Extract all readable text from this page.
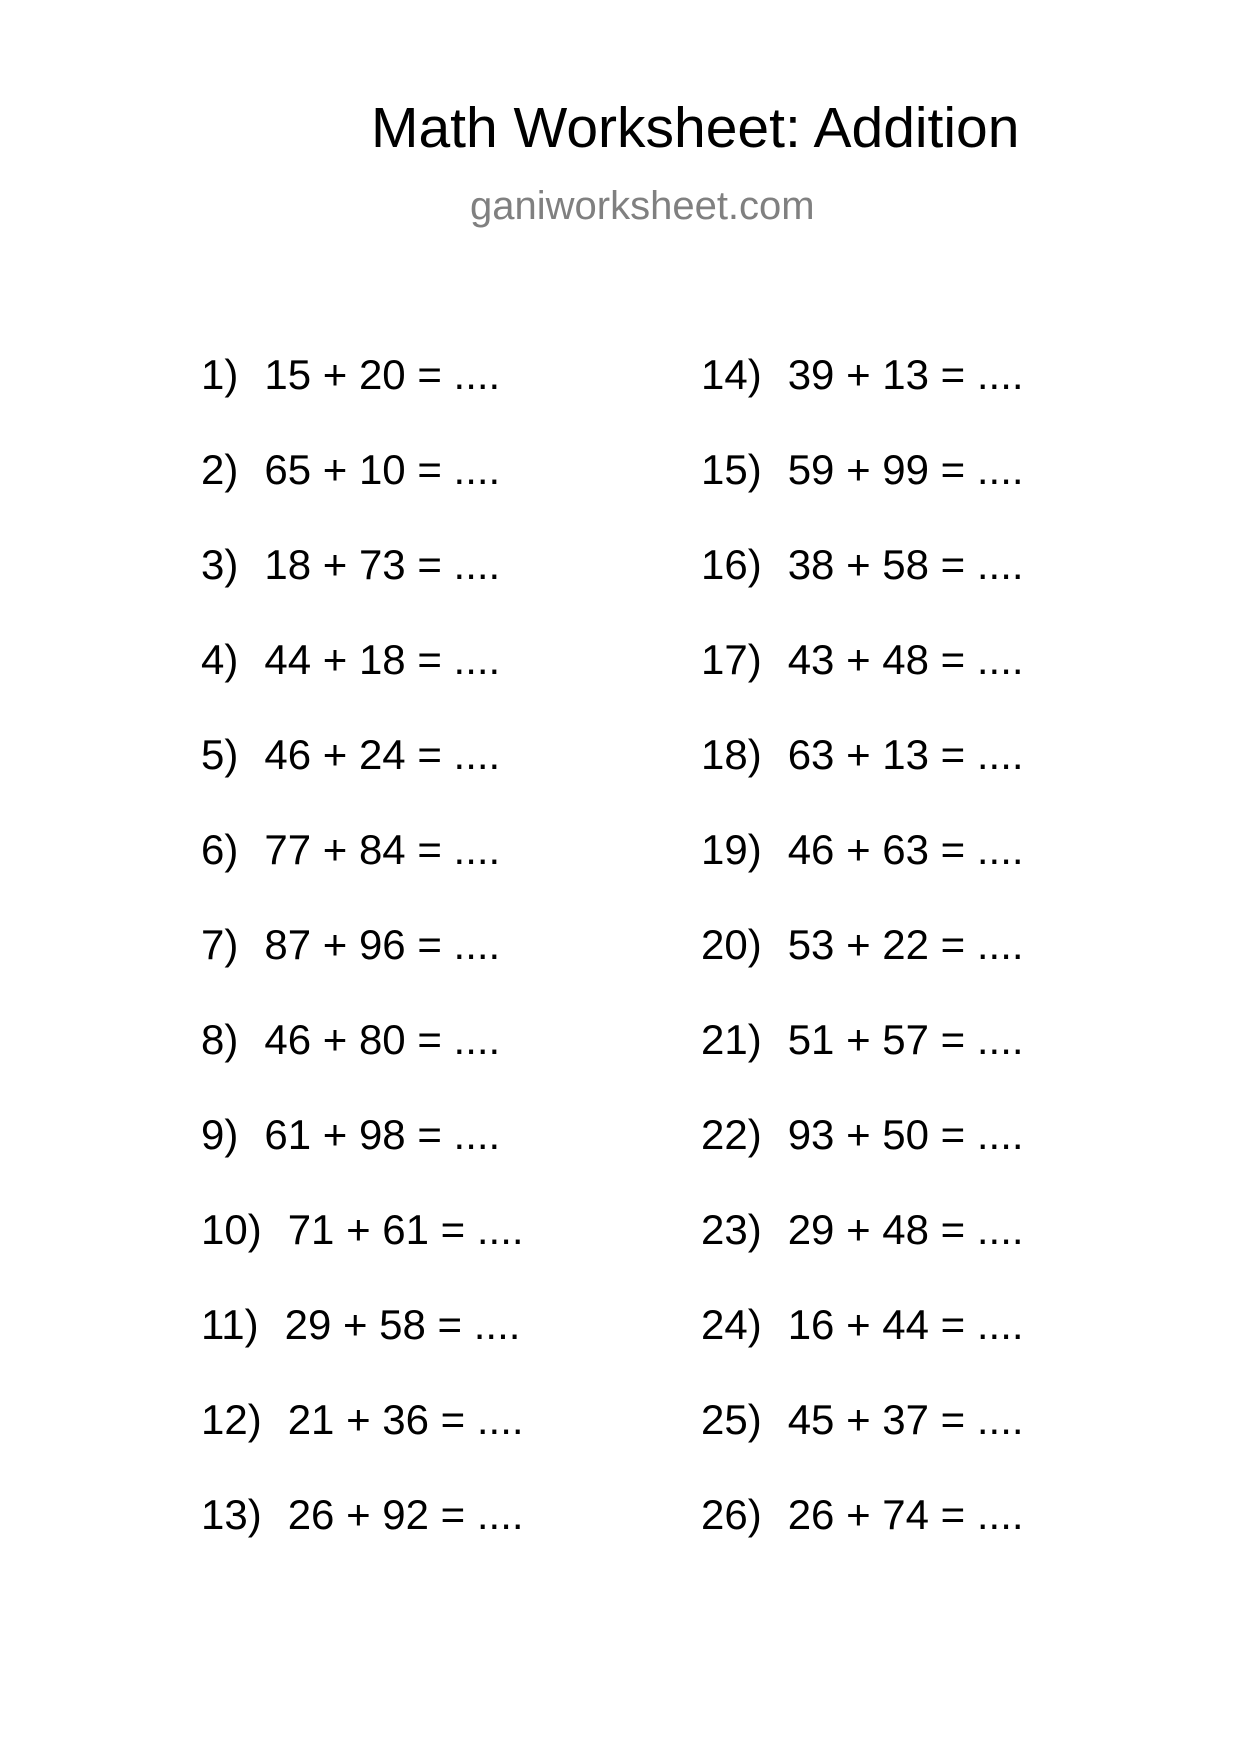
Math Worksheet: Addition
ganiworksheet.com
1) 15 + 20 = ....
2) 65 + 10 = ....
3) 18 + 73 = ....
4) 44 + 18 = ....
5) 46 + 24 = ....
6) 77 + 84 = ....
7) 87 + 96 = ....
8) 46 + 80 = ....
9) 61 + 98 = ....
10) 71 + 61 = ....
11) 29 + 58 = ....
12) 21 + 36 = ....
13) 26 + 92 = ....
14) 39 + 13 = ....
15) 59 + 99 = ....
16) 38 + 58 = ....
17) 43 + 48 = ....
18) 63 + 13 = ....
19) 46 + 63 = ....
20) 53 + 22 = ....
21) 51 + 57 = ....
22) 93 + 50 = ....
23) 29 + 48 = ....
24) 16 + 44 = ....
25) 45 + 37 = ....
26) 26 + 74 = ....
